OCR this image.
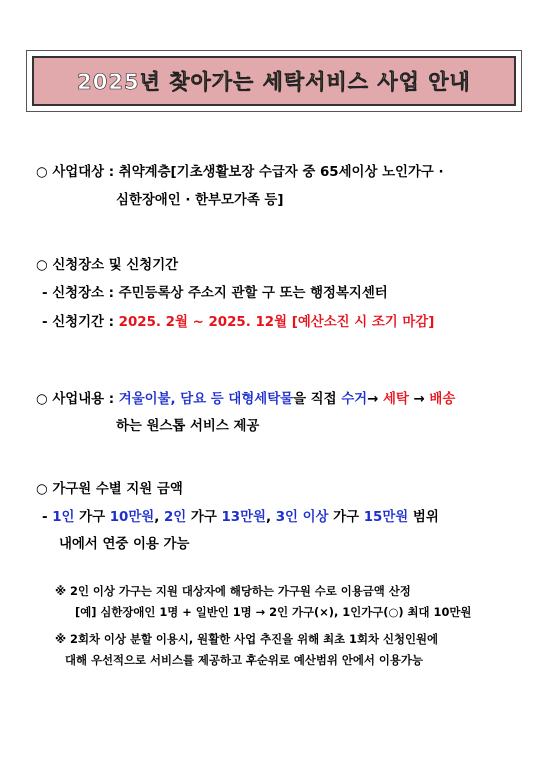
2025년
찾아가는 세탁서비스
사업 안내
○ 사업대상 : 취약계층[기초생활보장 수급자 중 65세이상 노인가구 ·
심한장애인 · 한부모가족 등]
○ 신청장소 및 신청기간
- 신청장소 : 주민등록상 주소지 관할 구 또는 행정복지센터
- 신청기간 : 2025. 2월 ~ 2025. 12월 [예산소진 시 조기 마감]
○ 사업내용 : 겨울이불, 담요 등 대형세탁물을 직접 수거→ 세탁 → 배송
하는 원스톱 서비스 제공
○ 가구원 수별 지원 금액
- 1인 가구 10만원, 2인 가구 13만원, 3인 이상 가구 15만원 범위
내에서 연중 이용 가능
※ 2인 이상 가구는 지원 대상자에 해당하는 가구원 수로 이용금액 산정
[예] 심한장애인 1명 + 일반인 1명 → 2인 가구(×), 1인가구(○) 최대 10만원
※ 2회차 이상 분할 이용시, 원활한 사업 추진을 위해 최초 1회차 신청인원에
대해 우선적으로 서비스를 제공하고 후순위로 예산범위 안에서 이용가능
